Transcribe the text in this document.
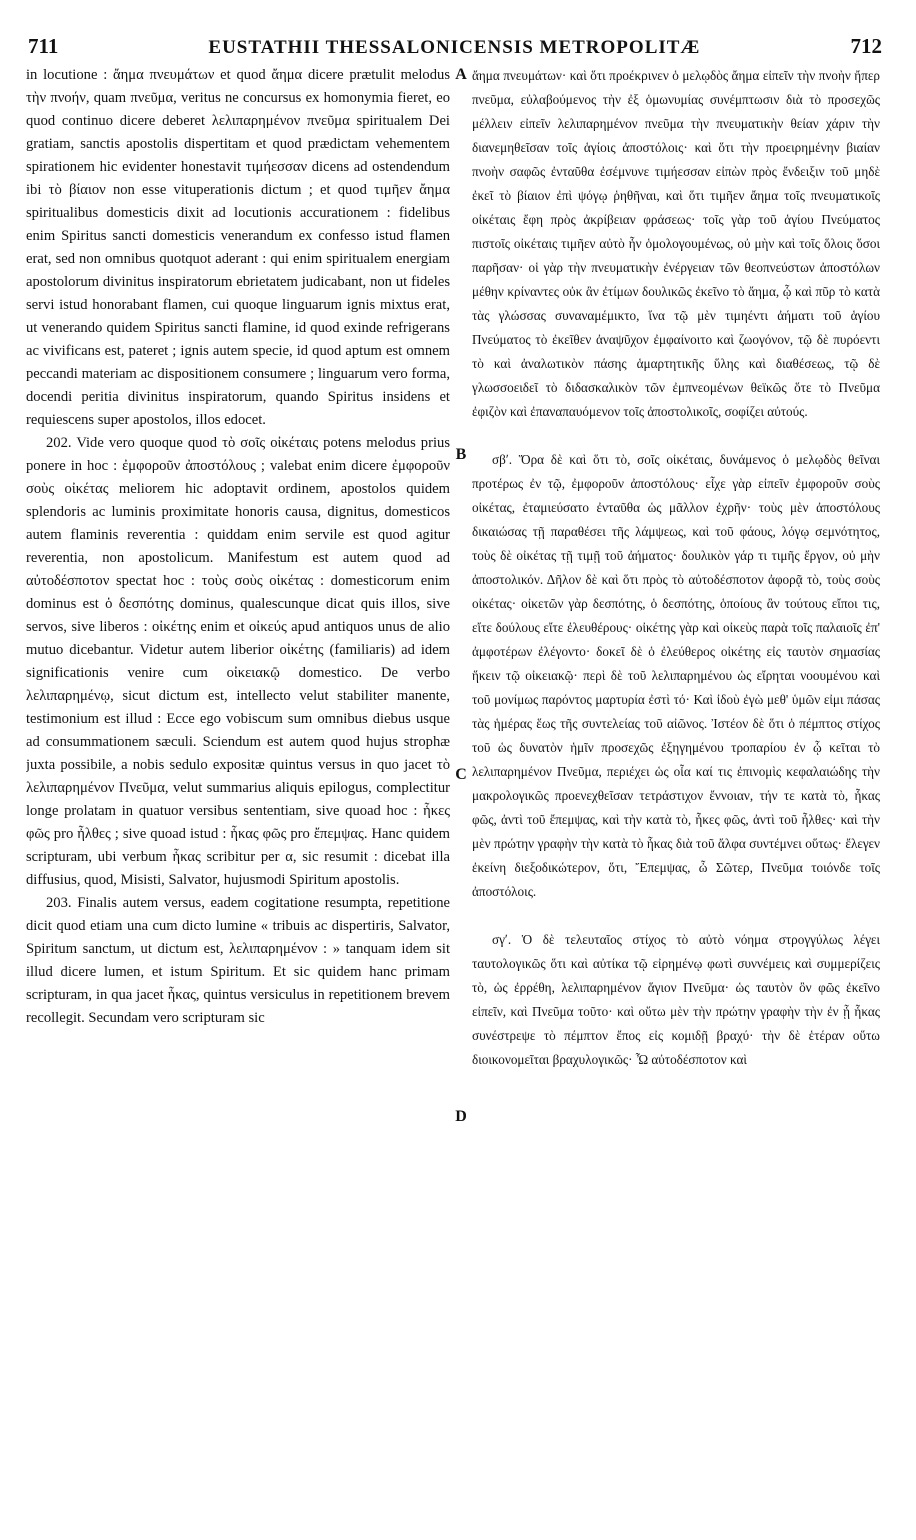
711	EUSTATHII THESSALONICENSIS METROPOLITÆ	712

in locutione : ἄημα πνευμάτων et quod ἄημα dicere prætulit melodus τὴν πνοήν, quam πνεῦμα, veritus ne concursus ex homonymia fieret, eo quod continuo dicere deberet λελιπαρημένον πνεῦμα spiritualem Dei gratiam, sanctis apostolis dispertitam et quod prædictam vehementem spirationem hic evidenter honestavit τιμήεσσαν dicens ad ostendendum ibi τὸ βίαιον non esse vituperationis dictum ; et quod τιμῆεν ἄημα spiritualibus domesticis dixit ad locutionis accurationem : fidelibus enim Spiritus sancti domesticis venerandum ex confesso istud flamen erat, sed non omnibus quotquot aderant : qui enim spiritualem energiam apostolorum divinitus inspiratorum ebrietatem judicabant, non ut fideles servi istud honorabant flamen, cui quoque linguarum ignis mixtus erat, ut venerando quidem Spiritus sancti flamine, id quod exinde refrigerans ac vivificans est, pateret ; ignis autem specie, id quod aptum est omnem peccandi materiam ac dispositionem consumere ; linguarum vero forma, docendi peritia divinitus inspiratorum, quando Spiritus insidens et requiescens super apostolos, illos edocet.

202. Vide vero quoque quod τὸ σοῖς οἰκέταις potens melodus prius ponere in hoc : ἐμφοροῦν ἀποστόλους ; valebat enim dicere ἐμφοροῦν σοὺς οἰκέτας meliorem hic adoptavit ordinem, apostolos quidem splendoris ac luminis proximitate honoris causa, dignitus, domesticos autem flaminis reverentia : quiddam enim servile est quod agitur reverentia, non apostolicum. Manifestum est autem quod ad αὐτοδέσποτον spectat hoc : τοὺς σοὺς οἰκέτας : domesticorum enim dominus est ὁ δεσπότης dominus, qualescunque dicat quis illos, sive servos, sive liberos : οἰκέτης enim et οἰκεύς apud antiquos unus de alio mutuo dicebantur. Videtur autem liberior οἰκέτης (familiaris) ad idem significationis venire cum οἰκειακῷ domestico. De verbo λελιπαρημένῳ, sicut dictum est, intellecto velut stabiliter manente, testimonium est illud : Ecce ego vobiscum sum omnibus diebus usque ad consummationem sæculi. Sciendum est autem quod hujus strophæ juxta possibile, a nobis sedulo expositæ quintus versus in quo jacet τὸ λελιπαρημένον Πνεῦμα, velut summarius aliquis epilogus, complectitur longe prolatam in quatuor versibus sententiam, sive quoad hoc : ἧκες φῶς pro ἦλθες ; sive quoad istud : ἧκας φῶς pro ἔπεμψας. Hanc quidem scripturam, ubi verbum ἧκας scribitur per α, sic resumit : dicebat illa diffusius, quod, Misisti, Salvator, hujusmodi Spiritum apostolis.

203. Finalis autem versus, eadem cogitatione resumpta, repetitione dicit quod etiam una cum dicto lumine « tribuis ac dispertiris, Salvator, Spiritum sanctum, ut dictum est, λελιπαρημένον : » tanquam idem sit illud dicere lumen, et istum Spiritum. Et sic quidem hanc primam scripturam, in qua jacet ἧκας, quintus versiculus in repetitionem brevem recollegit. Secundam vero scripturam sic

A
B
C
D

ἄημα πνευμάτων· καὶ ὅτι προέκρινεν ὁ μελῳδὸς ἄημα εἰπεῖν τὴν πνοὴν ἤπερ πνεῦμα, εὐλαβούμενος τὴν ἐξ ὁμωνυμίας συνέμπτωσιν διὰ τὸ προσεχῶς μέλλειν εἰπεῖν λελιπαρημένον πνεῦμα τὴν πνευματικὴν θείαν χάριν τὴν διανεμηθεῖσαν τοῖς ἁγίοις ἀποστόλοις· καὶ ὅτι τὴν προειρημένην βιαίαν πνοὴν σαφῶς ἐνταῦθα ἐσέμνυνε τιμήεσσαν εἰπὼν πρὸς ἔνδειξιν τοῦ μηδὲ ἐκεῖ τὸ βίαιον ἐπὶ ψόγῳ ῥηθῆναι, καὶ ὅτι τιμῆεν ἄημα τοῖς πνευματικοῖς οἰκέταις ἔφη πρὸς ἀκρίβειαν φράσεως· τοῖς γὰρ τοῦ ἁγίου Πνεύματος πιστοῖς οἰκέταις τιμῆεν αὐτὸ ἦν ὁμολογουμένως, οὐ μὴν καὶ τοῖς ὅλοις ὅσοι παρῆσαν· οἱ γὰρ τὴν πνευματικὴν ἐνέργειαν τῶν θεοπνεύστων ἀποστόλων μέθην κρίναντες οὐκ ἂν ἐτίμων δουλικῶς ἐκεῖνο τὸ ἄημα, ᾧ καὶ πῦρ τὸ κατὰ τὰς γλώσσας συναναμέμικτο, ἵνα τῷ μὲν τιμηέντι ἀήματι τοῦ ἁγίου Πνεύματος τὸ ἐκεῖθεν ἀναψῦχον ἐμφαίνοιτο καὶ ζωογόνον, τῷ δὲ πυρόεντι τὸ καὶ ἀναλωτικὸν πάσης ἁμαρτητικῆς ὕλης καὶ διαθέσεως, τῷ δὲ γλωσσοειδεῖ τὸ διδασκαλικὸν τῶν ἐμπνεομένων θεϊκῶς ὅτε τὸ Πνεῦμα ἐφιζὸν καὶ ἐπαναπαυόμενον τοῖς ἀποστολικοῖς, σοφίζει αὐτούς.

σβʹ. Ὅρα δὲ καὶ ὅτι τὸ, σοῖς οἰκέταις, δυνάμενος ὁ μελῳδὸς θεῖναι προτέρως ἐν τῷ, ἐμφοροῦν ἀποστόλους· εἶχε γὰρ εἰπεῖν ἐμφοροῦν σοὺς οἰκέτας, ἐταμιεύσατο ἐνταῦθα ὡς μᾶλλον ἐχρῆν· τοὺς μὲν ἀποστόλους δικαιώσας τῇ παραθέσει τῆς λάμψεως, καὶ τοῦ φάους, λόγῳ σεμνότητος, τοὺς δὲ οἰκέτας τῇ τιμῇ τοῦ ἀήματος· δουλικὸν γάρ τι τιμῆς ἔργον, οὐ μὴν ἀποστολικόν. Δῆλον δὲ καὶ ὅτι πρὸς τὸ αὐτοδέσποτον ἀφορᾷ τὸ, τοὺς σοὺς οἰκέτας· οἰκετῶν γὰρ δεσπότης, ὁ δεσπότης, ὁποίους ἂν τούτους εἴποι τις, εἴτε δούλους εἴτε ἐλευθέρους· οἰκέτης γὰρ καὶ οἰκεὺς παρὰ τοῖς παλαιοῖς ἐπ' ἀμφοτέρων ἐλέγοντο· δοκεῖ δὲ ὁ ἐλεύθερος οἰκέτης εἰς ταυτὸν σημασίας ἥκειν τῷ οἰκειακῷ· περὶ δὲ τοῦ λελιπαρημένου ὡς εἴρηται νοουμένου καὶ τοῦ μονίμως παρόντος μαρτυρία ἐστὶ τό· Καὶ ἰδοὺ ἐγὼ μεθ' ὑμῶν εἰμι πάσας τὰς ἡμέρας ἕως τῆς συντελείας τοῦ αἰῶνος. Ἰστέον δὲ ὅτι ὁ πέμπτος στίχος τοῦ ὡς δυνατὸν ἡμῖν προσεχῶς ἐξηγημένου τροπαρίου ἐν ᾧ κεῖται τὸ λελιπαρημένον Πνεῦμα, περιέχει ὡς οἷα καί τις ἐπινομὶς κεφαλαιώδης τὴν μακρολογικῶς προενεχθεῖσαν τετράστιχον ἔννοιαν, τήν τε κατὰ τὸ, ἧκας φῶς, ἀντὶ τοῦ ἔπεμψας, καὶ τὴν κατὰ τὸ, ἧκες φῶς, ἀντὶ τοῦ ἦλθες· καὶ τὴν μὲν πρώτην γραφὴν τὴν κατὰ τὸ ἧκας διὰ τοῦ ἄλφα συντέμνει οὕτως· ἔλεγεν ἐκείνη διεξοδικώτερον, ὅτι, Ἔπεμψας, ὦ Σῶτερ, Πνεῦμα τοιόνδε τοῖς ἀποστόλοις.

σγʹ. Ὁ δὲ τελευταῖος στίχος τὸ αὐτὸ νόημα στρογγύλως λέγει ταυτολογικῶς ὅτι καὶ αὐτίκα τῷ εἰρημένῳ φωτὶ συννέμεις καὶ συμμερίζεις τὸ, ὡς ἐρρέθη, λελιπαρημένον ἅγιον Πνεῦμα· ὡς ταυτὸν ὂν φῶς ἐκεῖνο εἰπεῖν, καὶ Πνεῦμα τοῦτο· καὶ οὕτω μὲν τὴν πρώτην γραφὴν τὴν ἐν ᾗ ἧκας συνέστρεψε τὸ πέμπτον ἔπος εἰς κομιδῇ βραχύ· τὴν δὲ ἑτέραν οὕτω διοικονομεῖται βραχυλογικῶς· Ὦ αὐτοδέσποτον καὶ
